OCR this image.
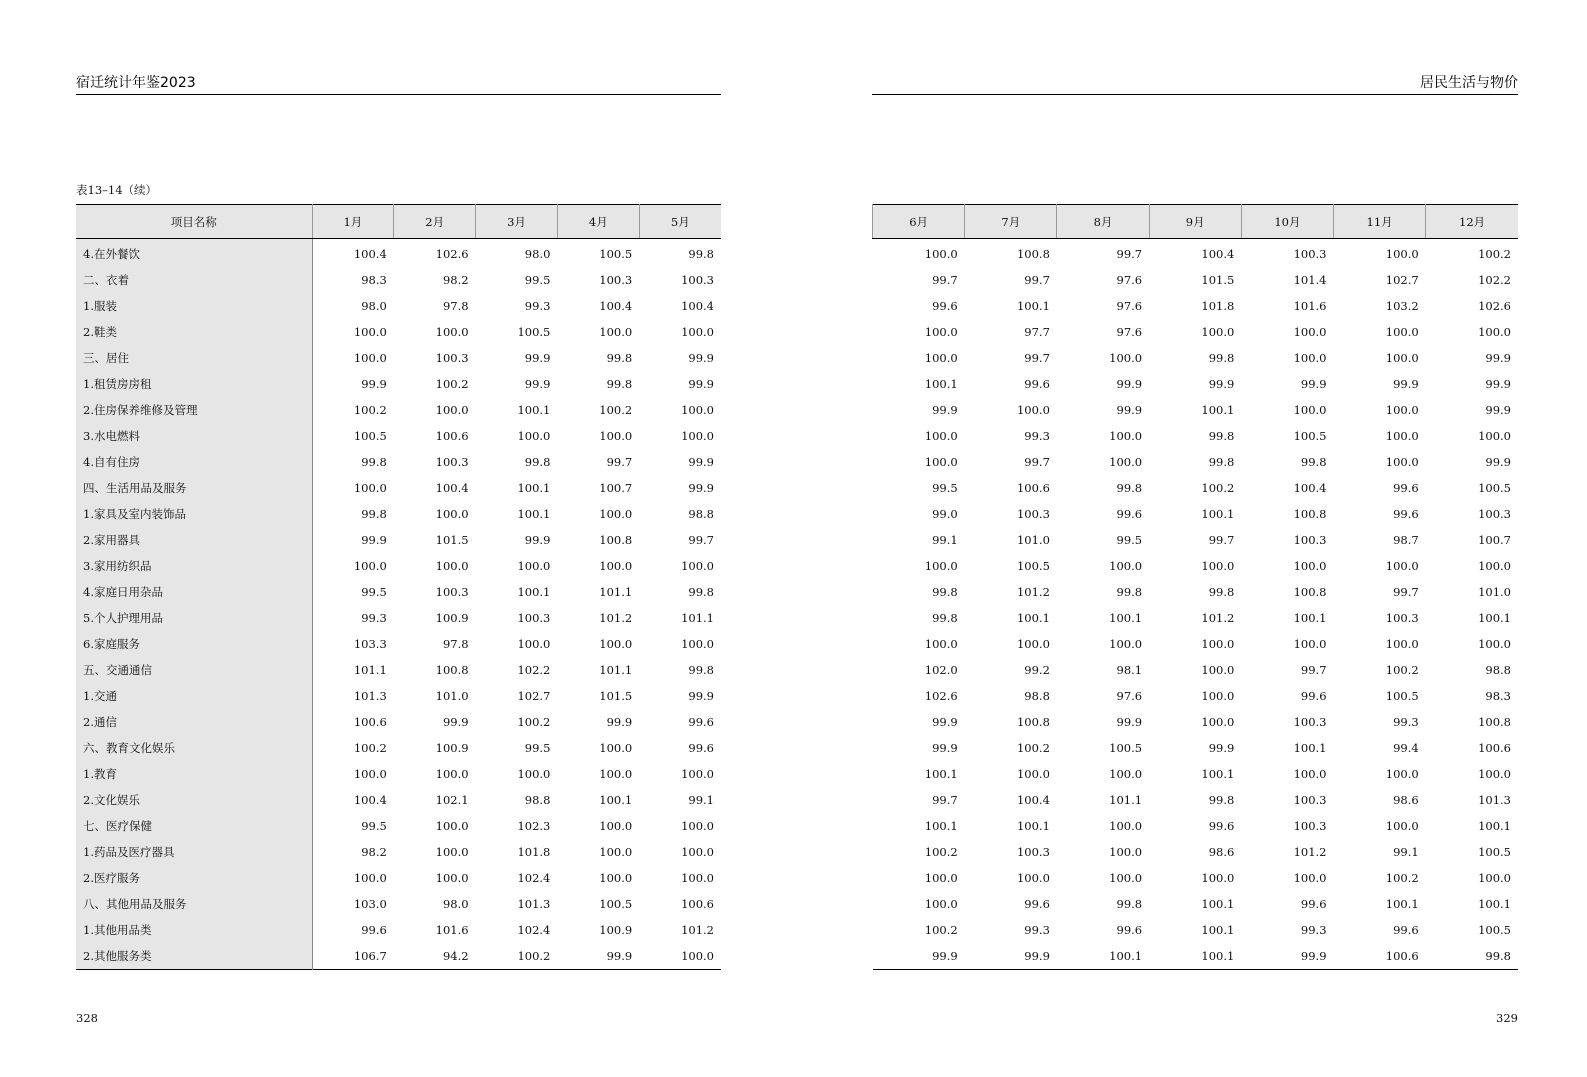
宿迁统计年鉴2023
表13–14（续）
项目名称	1月	2月	3月	4月	5月
4.在外餐饮	100.4	102.6	98.0	100.5	99.8
二、衣着	98.3	98.2	99.5	100.3	100.3
1.服装	98.0	97.8	99.3	100.4	100.4
2.鞋类	100.0	100.0	100.5	100.0	100.0
三、居住	100.0	100.3	99.9	99.8	99.9
1.租赁房房租	99.9	100.2	99.9	99.8	99.9
2.住房保养维修及管理	100.2	100.0	100.1	100.2	100.0
3.水电燃料	100.5	100.6	100.0	100.0	100.0
4.自有住房	99.8	100.3	99.8	99.7	99.9
四、生活用品及服务	100.0	100.4	100.1	100.7	99.9
1.家具及室内装饰品	99.8	100.0	100.1	100.0	98.8
2.家用器具	99.9	101.5	99.9	100.8	99.7
3.家用纺织品	100.0	100.0	100.0	100.0	100.0
4.家庭日用杂品	99.5	100.3	100.1	101.1	99.8
5.个人护理用品	99.3	100.9	100.3	101.2	101.1
6.家庭服务	103.3	97.8	100.0	100.0	100.0
五、交通通信	101.1	100.8	102.2	101.1	99.8
1.交通	101.3	101.0	102.7	101.5	99.9
2.通信	100.6	99.9	100.2	99.9	99.6
六、教育文化娱乐	100.2	100.9	99.5	100.0	99.6
1.教育	100.0	100.0	100.0	100.0	100.0
2.文化娱乐	100.4	102.1	98.8	100.1	99.1
七、医疗保健	99.5	100.0	102.3	100.0	100.0
1.药品及医疗器具	98.2	100.0	101.8	100.0	100.0
2.医疗服务	100.0	100.0	102.4	100.0	100.0
八、其他用品及服务	103.0	98.0	101.3	100.5	100.6
1.其他用品类	99.6	101.6	102.4	100.9	101.2
2.其他服务类	106.7	94.2	100.2	99.9	100.0
328
居民生活与物价
6月	7月	8月	9月	10月	11月	12月
100.0	100.8	99.7	100.4	100.3	100.0	100.2
99.7	99.7	97.6	101.5	101.4	102.7	102.2
99.6	100.1	97.6	101.8	101.6	103.2	102.6
100.0	97.7	97.6	100.0	100.0	100.0	100.0
100.0	99.7	100.0	99.8	100.0	100.0	99.9
100.1	99.6	99.9	99.9	99.9	99.9	99.9
99.9	100.0	99.9	100.1	100.0	100.0	99.9
100.0	99.3	100.0	99.8	100.5	100.0	100.0
100.0	99.7	100.0	99.8	99.8	100.0	99.9
99.5	100.6	99.8	100.2	100.4	99.6	100.5
99.0	100.3	99.6	100.1	100.8	99.6	100.3
99.1	101.0	99.5	99.7	100.3	98.7	100.7
100.0	100.5	100.0	100.0	100.0	100.0	100.0
99.8	101.2	99.8	99.8	100.8	99.7	101.0
99.8	100.1	100.1	101.2	100.1	100.3	100.1
100.0	100.0	100.0	100.0	100.0	100.0	100.0
102.0	99.2	98.1	100.0	99.7	100.2	98.8
102.6	98.8	97.6	100.0	99.6	100.5	98.3
99.9	100.8	99.9	100.0	100.3	99.3	100.8
99.9	100.2	100.5	99.9	100.1	99.4	100.6
100.1	100.0	100.0	100.1	100.0	100.0	100.0
99.7	100.4	101.1	99.8	100.3	98.6	101.3
100.1	100.1	100.0	99.6	100.3	100.0	100.1
100.2	100.3	100.0	98.6	101.2	99.1	100.5
100.0	100.0	100.0	100.0	100.0	100.2	100.0
100.0	99.6	99.8	100.1	99.6	100.1	100.1
100.2	99.3	99.6	100.1	99.3	99.6	100.5
99.9	99.9	100.1	100.1	99.9	100.6	99.8
329
